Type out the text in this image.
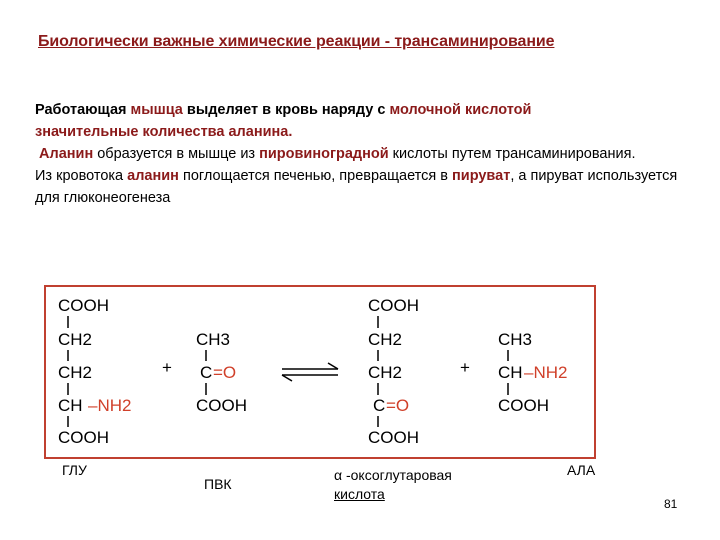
Биологически важные химические реакции - трансаминирование
Работающая мышца выделяет в кровь наряду с молочной кислотой
значительные количества аланина.
Аланин образуется в мышце из пировиноградной кислоты путем трансаминирования.
Из кровотока аланин поглощается печенью, превращается в пируват, а пируват используется для глюконеогенеза
COOH
CH2
CH2
CH –NH2
COOH
+
CH3
C =O
COOH
COOH
CH2
CH2
C =O
COOH
+
CH3
CH –NH2
COOH
ГЛУ
ПВК
α -оксоглутаровая
кислота
АЛА
81
